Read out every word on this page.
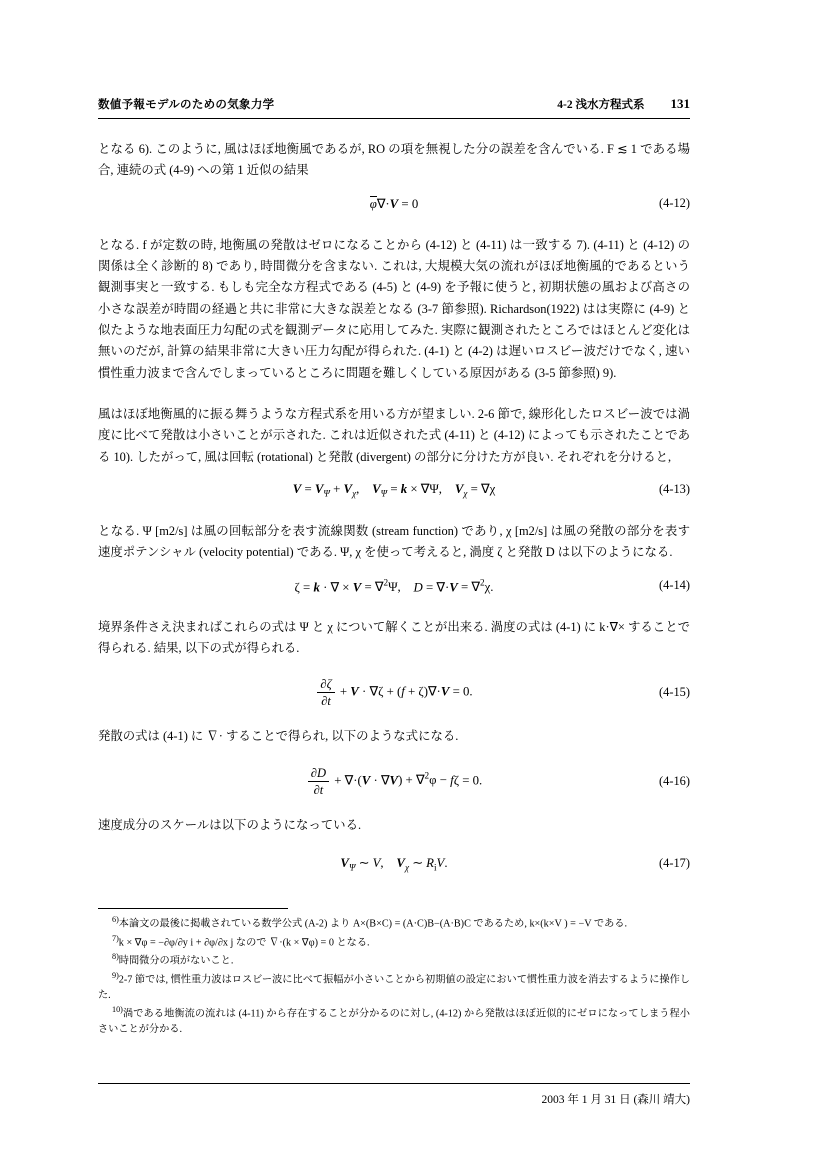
数値予報モデルのための気象力学	4-2 浅水方程式系 131

となる 6). このように, 風はほぼ地衡風であるが, RO の項を無視した分の誤差を含んでいる. F ≲ 1 である場合, 連続の式 (4-9) への第 1 近似の結果

φ∇·V = 0	(4-12)

となる. f が定数の時, 地衡風の発散はゼロになることから (4-12) と (4-11) は一致する 7). (4-11) と (4-12) の関係は全く診断的 8) であり, 時間微分を含まない. これは, 大規模大気の流れがほぼ地衡風的であるという観測事実と一致する. もしも完全な方程式である (4-5) と (4-9) を予報に使うと, 初期状態の風および高さの小さな誤差が時間の経過と共に非常に大きな誤差となる (3-7 節参照). Richardson(1922) はは実際に (4-9) と似たような地表面圧力勾配の式を観測データに応用してみた. 実際に観測されたところではほとんど変化は無いのだが, 計算の結果非常に大きい圧力勾配が得られた. (4-1) と (4-2) は遅いロスビー波だけでなく, 速い慣性重力波まで含んでしまっているところに問題を難しくしている原因がある (3-5 節参照) 9).

風はほぼ地衡風的に振る舞うような方程式系を用いる方が望ましい. 2-6 節で, 線形化したロスビー波では渦度に比べて発散は小さいことが示された. これは近似された式 (4-11) と (4-12) によっても示されたことである 10). したがって, 風は回転 (rotational) と発散 (divergent) の部分に分けた方が良い. それぞれを分けると,

$V = V_\Psi + V_\chi$, $V_\Psi = k \times \nabla\Psi$, $V_\chi = \nabla\chi$	(4-13)

となる. Ψ [m2/s] は風の回転部分を表す流線関数 (stream function) であり, χ [m2/s] は風の発散の部分を表す速度ポテンシャル (velocity potential) である. Ψ, χ を使って考えると, 渦度 ζ と発散 D は以下のようになる.

ζ = k · ∇ × V = ∇$^2$Ψ, D = ∇·V = ∇$^2$χ.	(4-14)

境界条件さえ決まればこれらの式は Ψ と χ について解くことが出来る. 渦度の式は (4-1) に k·∇× することで得られる. 結果, 以下の式が得られる.

$\frac{\partial\zeta}{\partial t} + V \cdot \nabla\zeta + (f + \zeta)\nabla\cdot V = 0$.	(4-15)

発散の式は (4-1) に ∇· することで得られ, 以下のような式になる.

$\frac{\partial D}{\partial t} + \nabla\cdot(V \cdot \nabla V) + \nabla^2\varphi - f\zeta = 0$.	(4-16)

速度成分のスケールは以下のようになっている.

$V_\Psi$ ∼ V, $V_\chi$ ∼ $R_iV$.	(4-17)

$^{6)}$本論文の最後に掲載されている数学公式 (A-2) より A×(B×C) = (A·C)B−(A·B)C であるため, k×(k×V ) = −V である.

$^{7)}$k × ∇φ = −∂φ/∂y i + ∂φ/∂x j なので ∇·(k × ∇φ) = 0 となる.

$^{8)}$時間微分の項がないこと.

$^{9)}$2-7 節では, 慣性重力波はロスビー波に比べて振幅が小さいことから初期値の設定において慣性重力波を消去するように操作した.

$^{10)}$渦である地衡流の流れは (4-11) から存在することが分かるのに対し, (4-12) から発散はほぼ近似的にゼロになってしまう程小さいことが分かる.

2003 年 1 月 31 日 (森川 靖大)
